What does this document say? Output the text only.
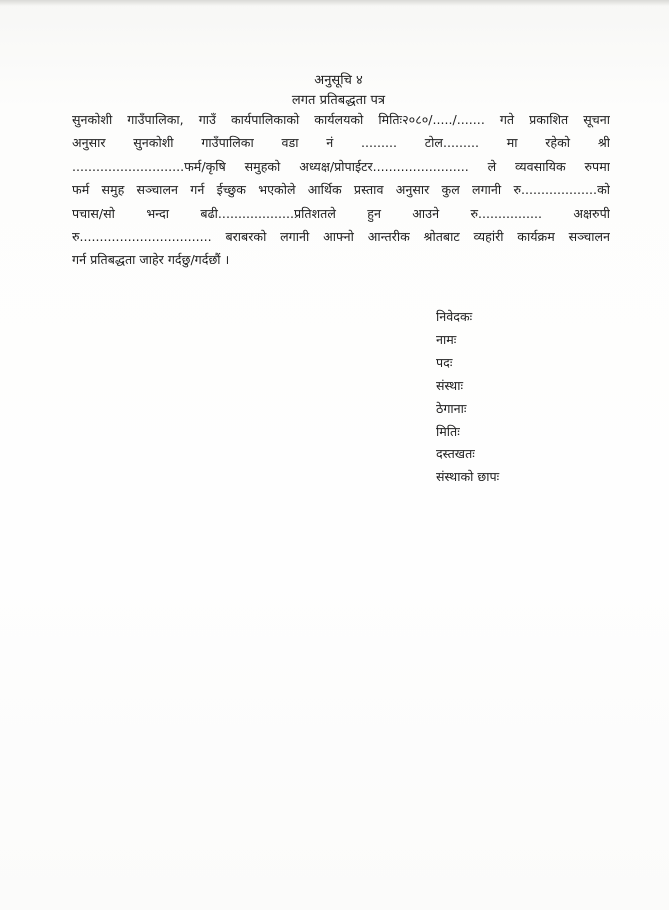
अनुसूचि ४
लगत प्रतिबद्धता पत्र
सुनकोशी गाउँपालिका, गाउँ कार्यपालिकाको कार्यलयको मितिः२०८०/...../....... गते प्रकाशित सूचना
अनुसार सुनकोशी गाउँपालिका वडा नं ......... टोल......... मा रहेको श्री
............................फर्म/कृषि समुहको अध्यक्ष/प्रोपाईटर........................ ले व्यवसायिक रुपमा
फर्म समुह सञ्चालन गर्न ईच्छुक भएकोले आर्थिक प्रस्ताव अनुसार कुल लगानी रु...................को
पचास/सो भन्दा बढी...................प्रतिशतले हुन आउने रु................ अक्षरुपी
रु................................. बराबरको लगानी आफ्नो आन्तरीक श्रोतबाट व्यहांरी कार्यक्रम सञ्चालन
गर्न प्रतिबद्धता जाहेर गर्दछु/गर्दछौं ।
निवेदकः
नामः
पदः
संस्थाः
ठेगानाः
मितिः
दस्तखतः
संस्थाको छापः
